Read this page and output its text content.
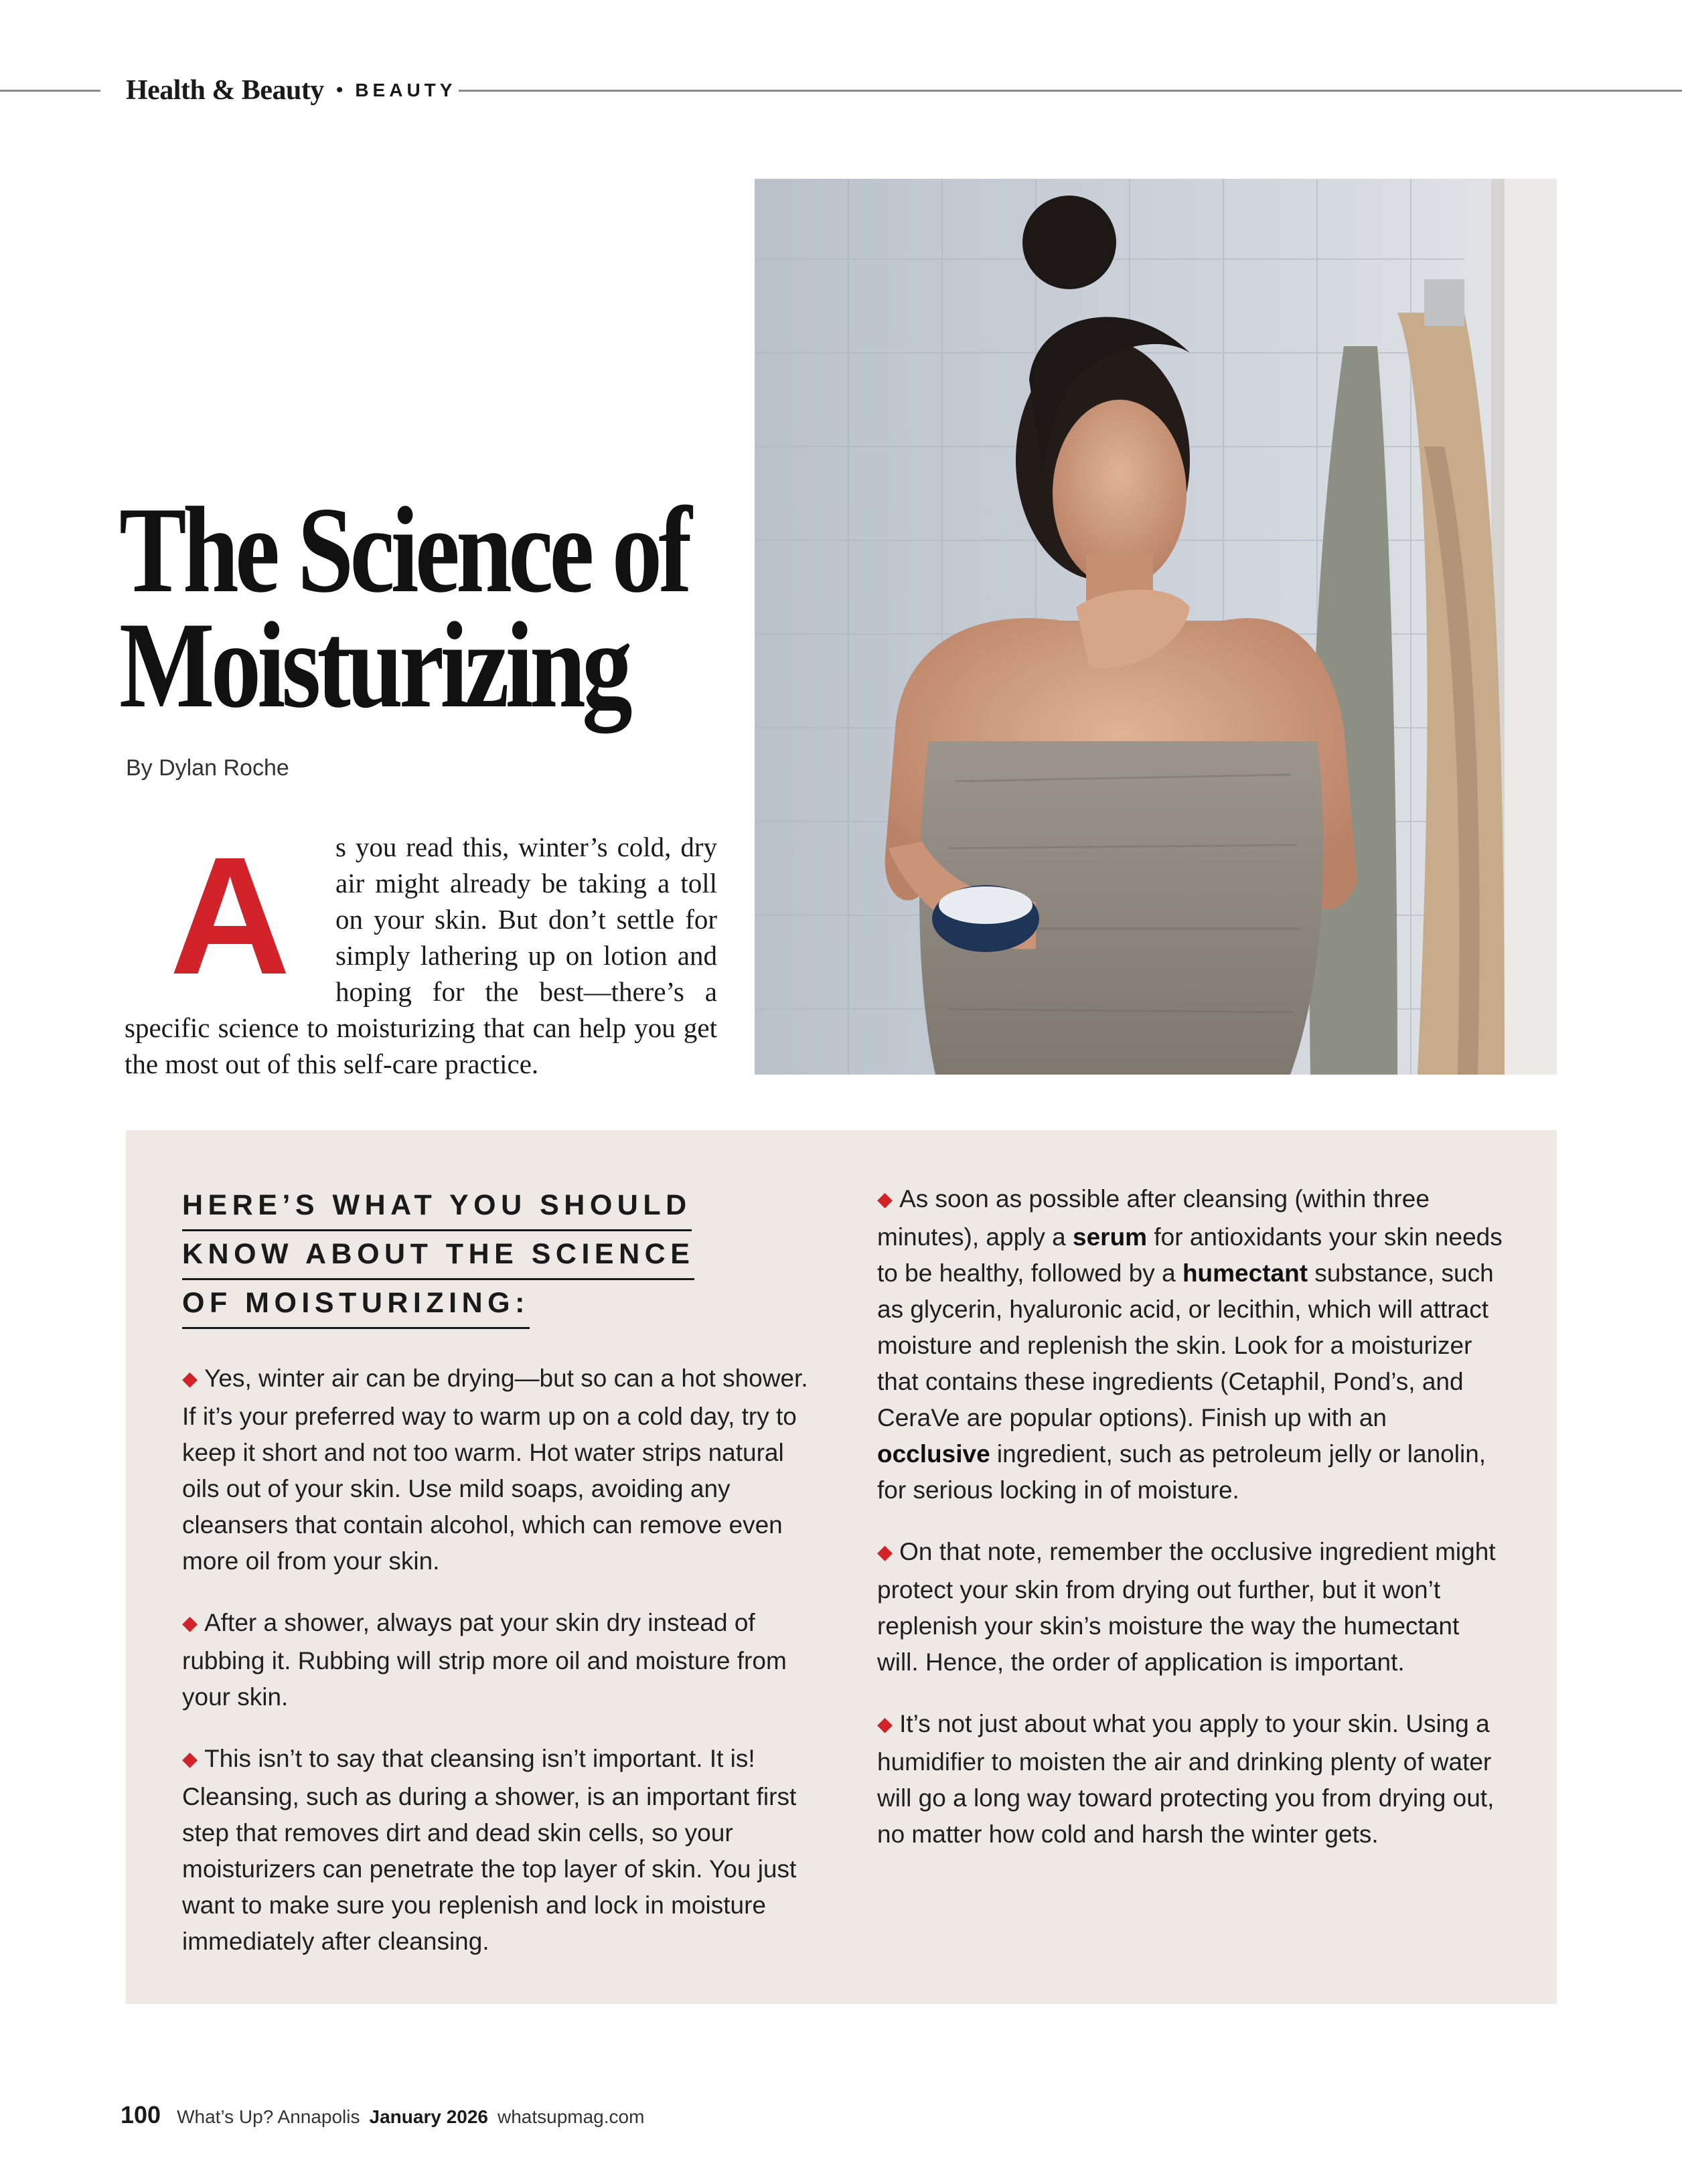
Health & Beauty • BEAUTY
The Science of
Moisturizing
By Dylan Roche

A	s you read this, winter’s cold, dry air might already be taking a toll on your skin. But don’t settle for simply lathering up on lotion and hoping for the best—there’s a specific science to moisturizing that can help you get the most out of this self-care practice.

HERE’S WHAT YOU SHOULD
KNOW ABOUT THE SCIENCE
OF MOISTURIZING:

◆ Yes, winter air can be drying—but so can a hot shower. If it’s your preferred way to warm up on a cold day, try to keep it short and not too warm. Hot water strips natural oils out of your skin. Use mild soaps, avoiding any cleansers that contain alcohol, which can remove even more oil from your skin.

◆ After a shower, always pat your skin dry instead of rubbing it. Rubbing will strip more oil and moisture from your skin.

◆ This isn’t to say that cleansing isn’t important. It is! Cleansing, such as during a shower, is an important first step that removes dirt and dead skin cells, so your moisturizers can penetrate the top layer of skin. You just want to make sure you replenish and lock in moisture immediately after cleansing.

◆ As soon as possible after cleansing (within three minutes), apply a serum for antioxidants your skin needs to be healthy, followed by a humectant substance, such as glycerin, hyaluronic acid, or lecithin, which will attract moisture and replenish the skin. Look for a moisturizer that contains these ingredients (Cetaphil, Pond’s, and CeraVe are popular options). Finish up with an occlusive ingredient, such as petroleum jelly or lanolin, for serious locking in of moisture.

◆ On that note, remember the occlusive ingredient might protect your skin from drying out further, but it won’t replenish your skin’s moisture the way the humectant will. Hence, the order of application is important.

◆ It’s not just about what you apply to your skin. Using a humidifier to moisten the air and drinking plenty of water will go a long way toward protecting you from drying out, no matter how cold and harsh the winter gets.

100 What’s Up? Annapolis January 2026 whatsupmag.com
